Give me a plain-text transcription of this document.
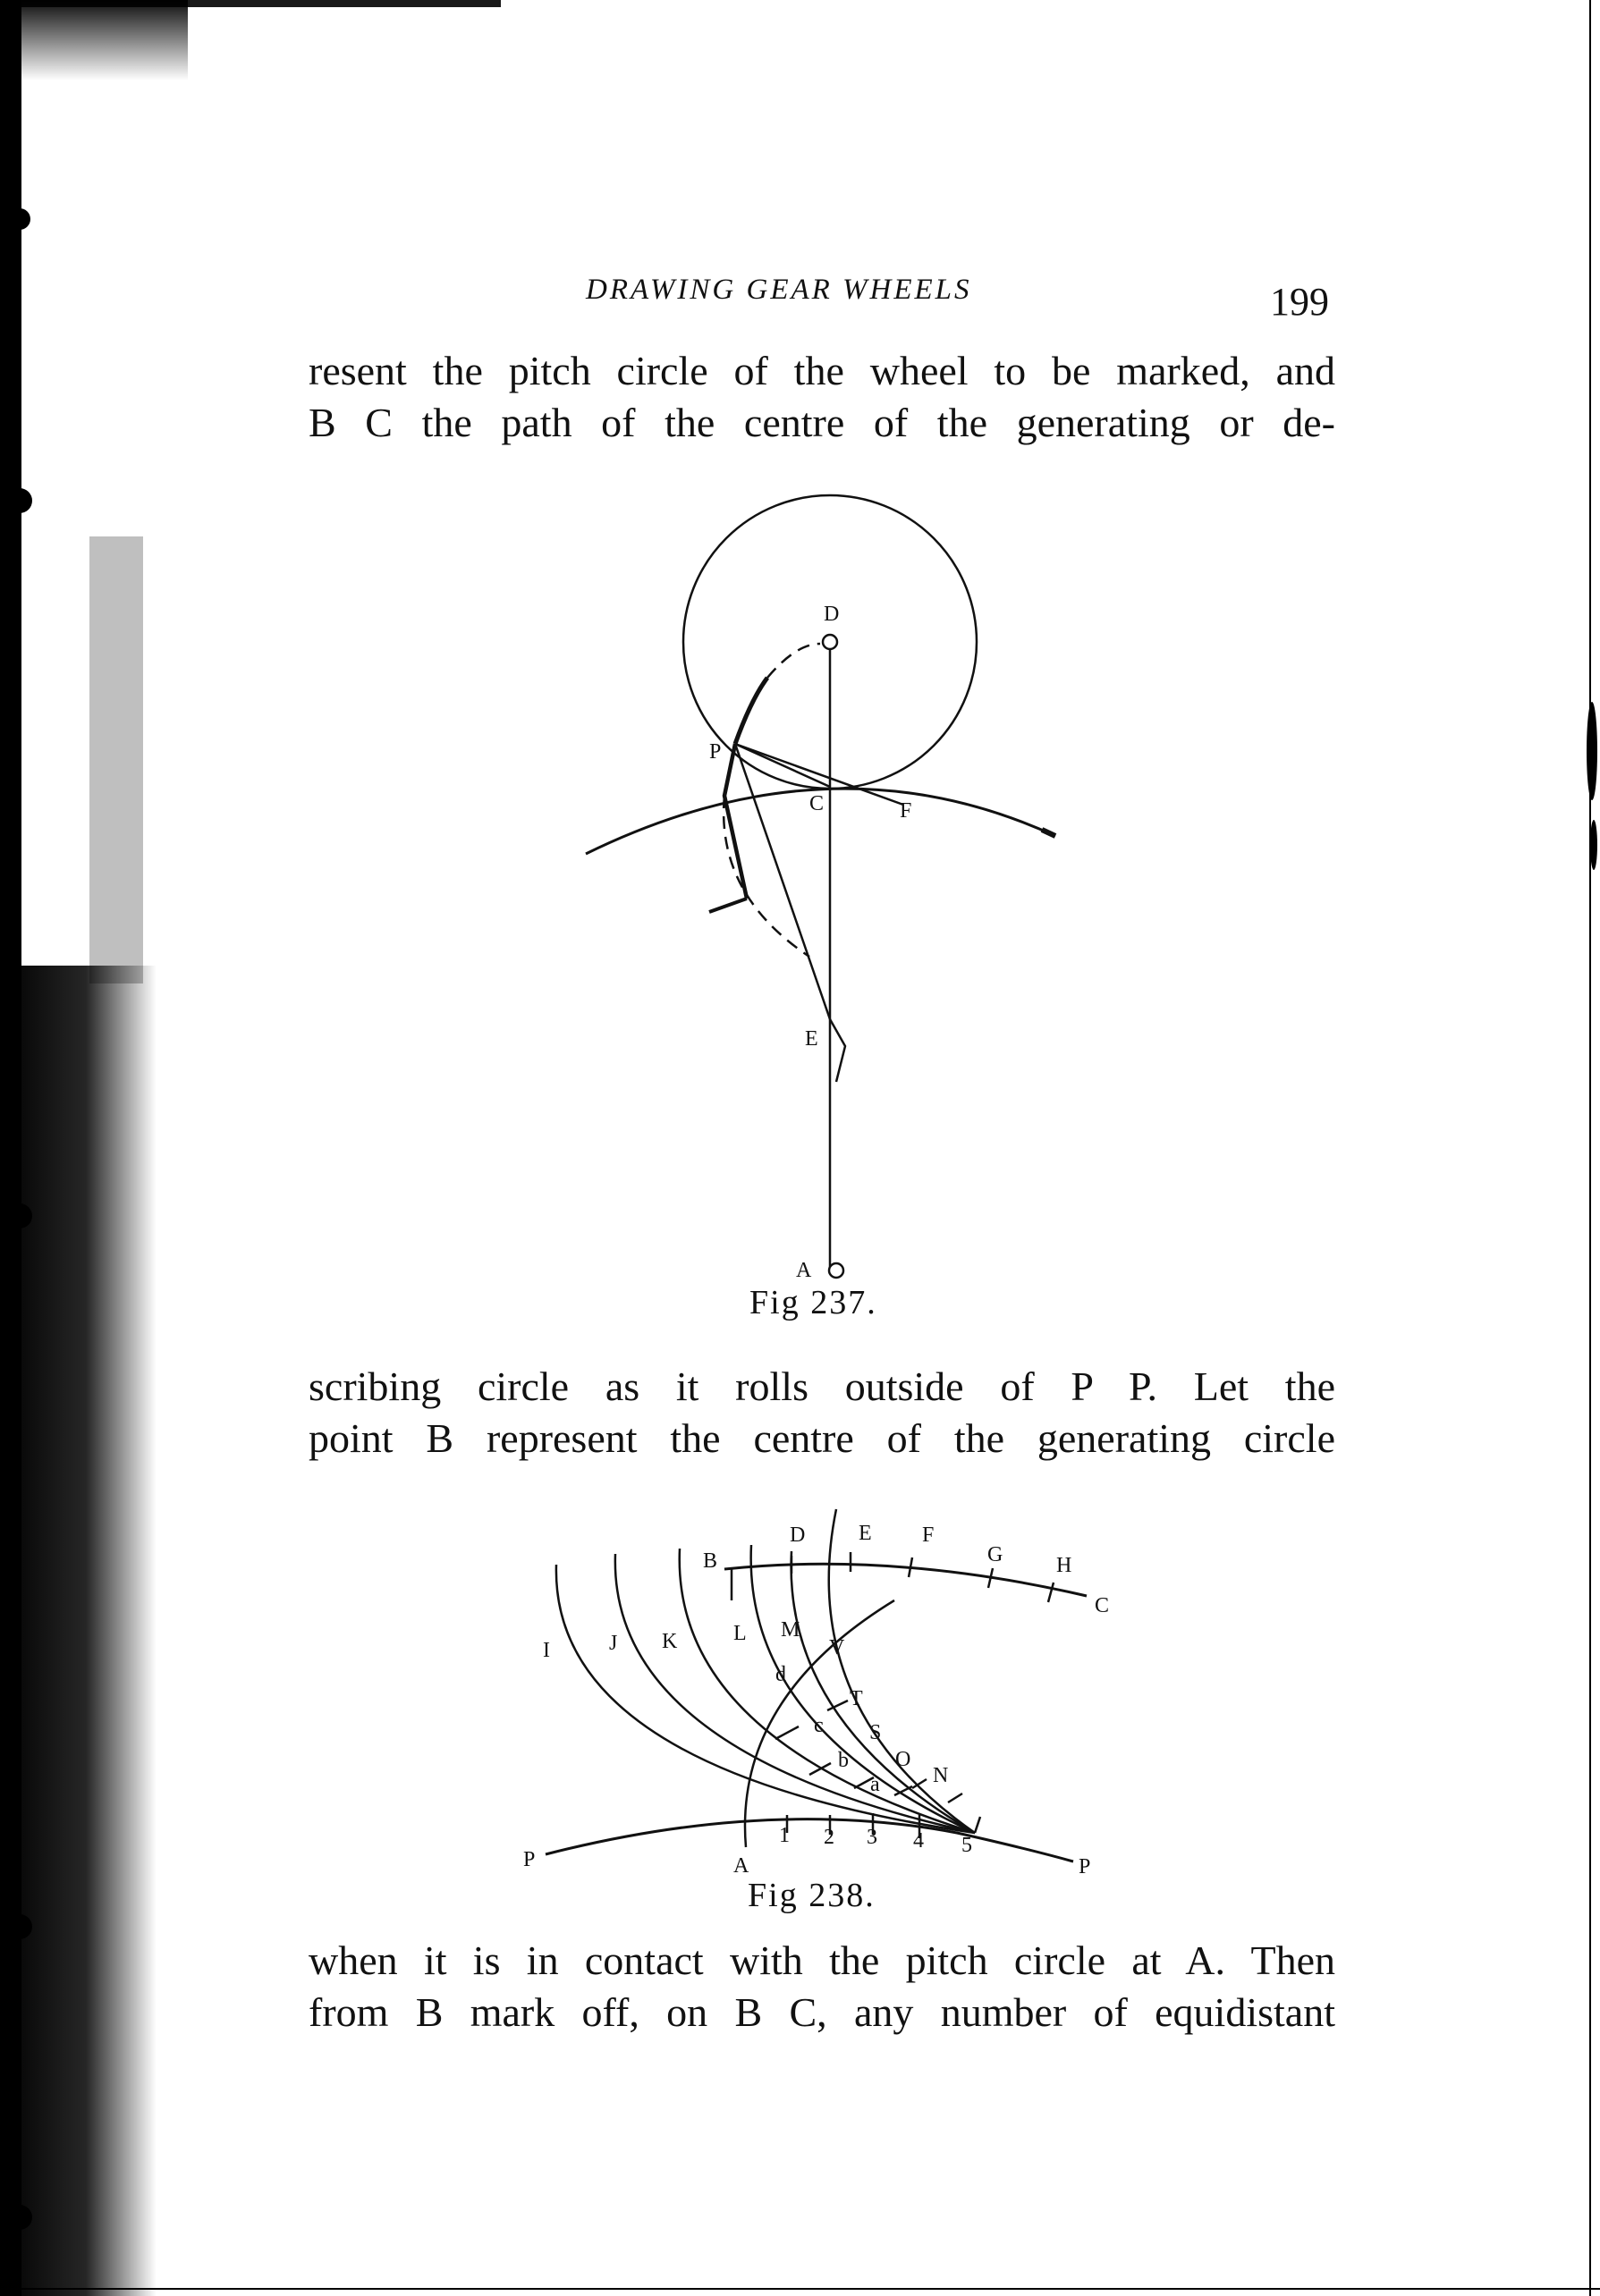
DRAWING GEAR WHEELS	199

resent the pitch circle of the wheel to be marked, and
B C the path of the centre of the generating or de-

D
P
C	F
E
A
Fig 237.

scribing circle as it rolls outside of P P. Let the
point B represent the centre of the generating circle

B
D E F
G H
C
I	J K	L M
V
d
T
c S
b O
a N
1 2 3 4 5
P	A	P
Fig 238.

when it is in contact with the pitch circle at A. Then
from B mark off, on B C, any number of equidistant
